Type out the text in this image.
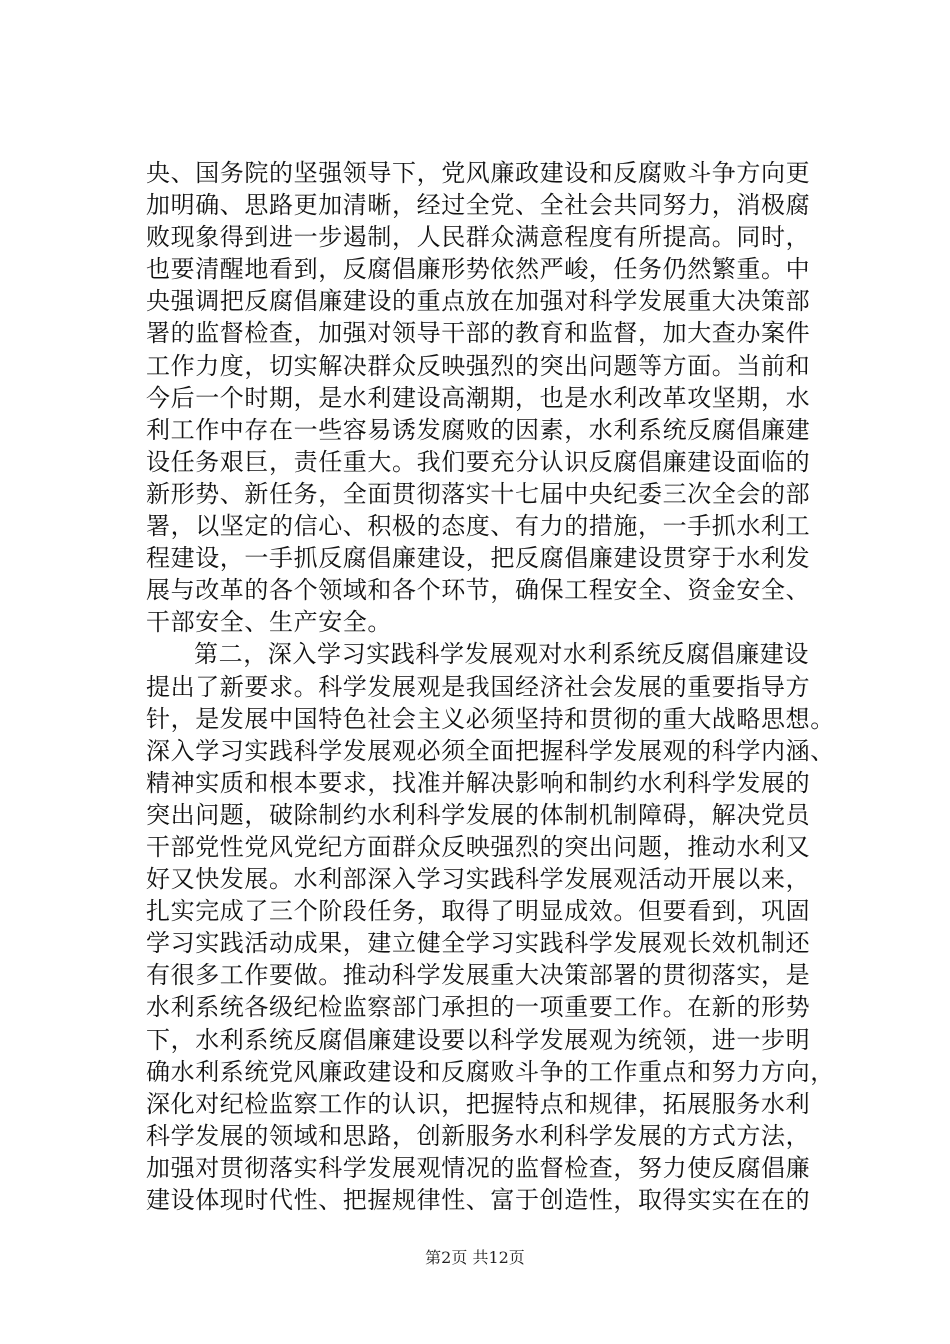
央、国务院的坚强领导下，党风廉政建设和反腐败斗争方向更
加明确、思路更加清晰，经过全党、全社会共同努力，消极腐
败现象得到进一步遏制，人民群众满意程度有所提高。同时，
也要清醒地看到，反腐倡廉形势依然严峻，任务仍然繁重。中
央强调把反腐倡廉建设的重点放在加强对科学发展重大决策部
署的监督检查，加强对领导干部的教育和监督，加大查办案件
工作力度，切实解决群众反映强烈的突出问题等方面。当前和
今后一个时期，是水利建设高潮期，也是水利改革攻坚期，水
利工作中存在一些容易诱发腐败的因素，水利系统反腐倡廉建
设任务艰巨，责任重大。我们要充分认识反腐倡廉建设面临的
新形势、新任务，全面贯彻落实十七届中央纪委三次全会的部
署，以坚定的信心、积极的态度、有力的措施，一手抓水利工
程建设，一手抓反腐倡廉建设，把反腐倡廉建设贯穿于水利发
展与改革的各个领域和各个环节，确保工程安全、资金安全、
干部安全、生产安全。
第二，深入学习实践科学发展观对水利系统反腐倡廉建设
提出了新要求。科学发展观是我国经济社会发展的重要指导方
针，是发展中国特色社会主义必须坚持和贯彻的重大战略思想。
深入学习实践科学发展观必须全面把握科学发展观的科学内涵、
精神实质和根本要求，找准并解决影响和制约水利科学发展的
突出问题，破除制约水利科学发展的体制机制障碍，解决党员
干部党性党风党纪方面群众反映强烈的突出问题，推动水利又
好又快发展。水利部深入学习实践科学发展观活动开展以来，
扎实完成了三个阶段任务，取得了明显成效。但要看到，巩固
学习实践活动成果，建立健全学习实践科学发展观长效机制还
有很多工作要做。推动科学发展重大决策部署的贯彻落实，是
水利系统各级纪检监察部门承担的一项重要工作。在新的形势
下，水利系统反腐倡廉建设要以科学发展观为统领，进一步明
确水利系统党风廉政建设和反腐败斗争的工作重点和努力方向，
深化对纪检监察工作的认识，把握特点和规律，拓展服务水利
科学发展的领域和思路，创新服务水利科学发展的方式方法，
加强对贯彻落实科学发展观情况的监督检查，努力使反腐倡廉
建设体现时代性、把握规律性、富于创造性，取得实实在在的
第2页 共12页
